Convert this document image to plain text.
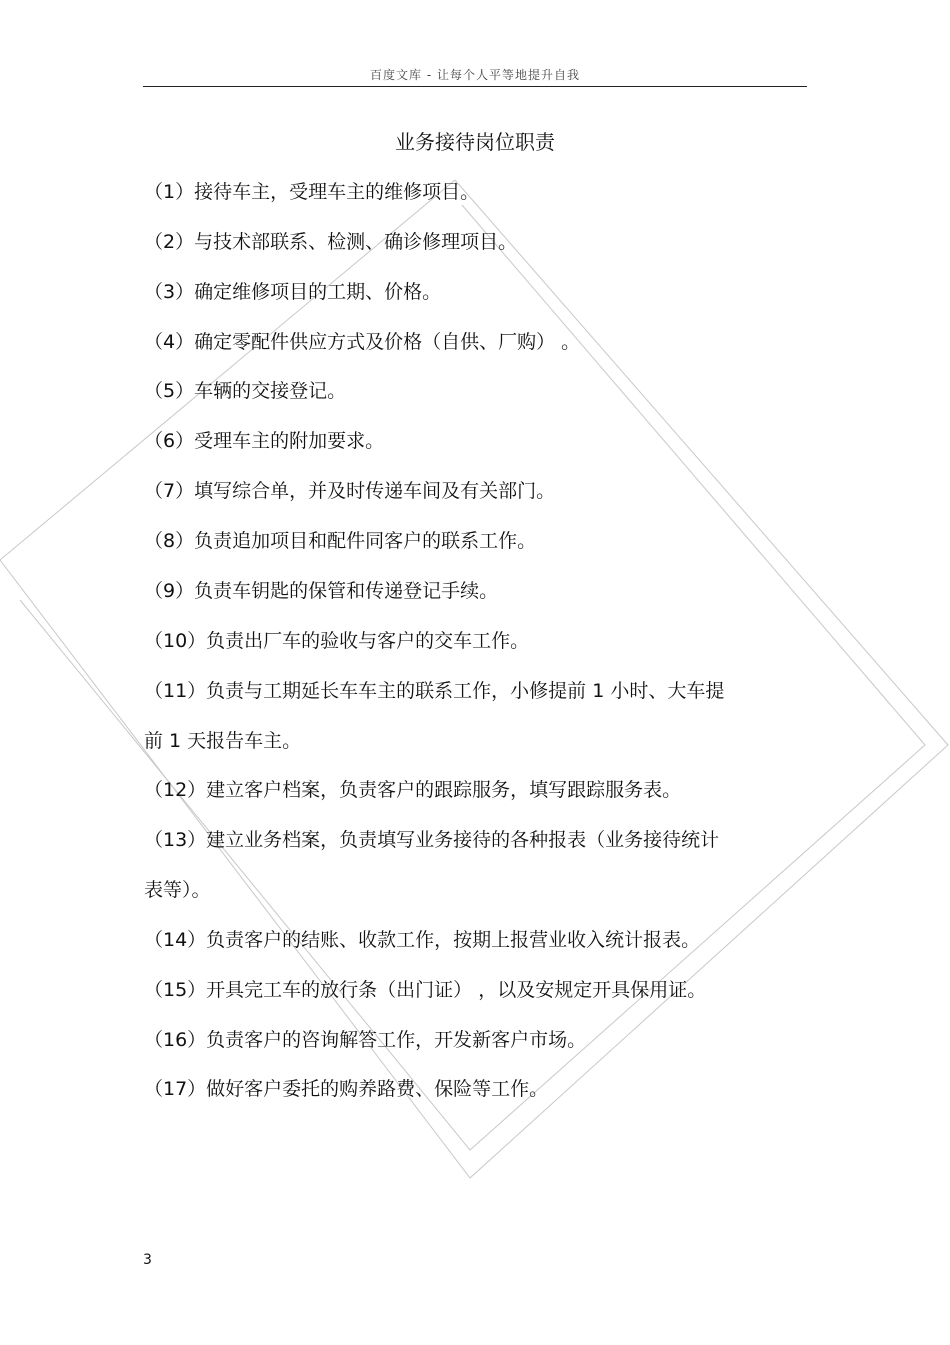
百度文库 - 让每个人平等地提升自我
业务接待岗位职责
（1）接待车主，受理车主的维修项目。
（2）与技术部联系、检测、确诊修理项目。
（3）确定维修项目的工期、价格。
（4）确定零配件供应方式及价格（自供、厂购） 。
（5）车辆的交接登记。
（6）受理车主的附加要求。
（7）填写综合单，并及时传递车间及有关部门。
（8）负责追加项目和配件同客户的联系工作。
（9）负责车钥匙的保管和传递登记手续。
（10）负责出厂车的验收与客户的交车工作。
（11）负责与工期延长车车主的联系工作，小修提前 1 小时、大车提
前 1 天报告车主。
（12）建立客户档案，负责客户的跟踪服务，填写跟踪服务表。
（13）建立业务档案，负责填写业务接待的各种报表（业务接待统计
表等）。
（14）负责客户的结账、收款工作，按期上报营业收入统计报表。
（15）开具完工车的放行条（出门证） ，以及安规定开具保用证。
（16）负责客户的咨询解答工作，开发新客户市场。
（17）做好客户委托的购养路费、保险等工作。
3
